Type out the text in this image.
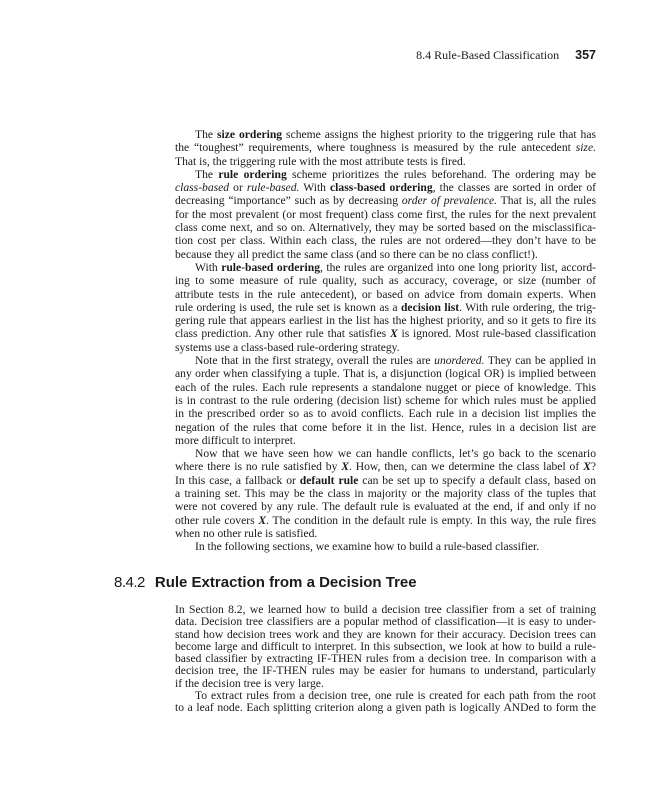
8.4 Rule-Based Classification 357
The size ordering scheme assigns the highest priority to the triggering rule that has
the “toughest” requirements, where toughness is measured by the rule antecedent size.
That is, the triggering rule with the most attribute tests is fired.
The rule ordering scheme prioritizes the rules beforehand. The ordering may be
class-based or rule-based. With class-based ordering, the classes are sorted in order of
decreasing “importance” such as by decreasing order of prevalence. That is, all the rules
for the most prevalent (or most frequent) class come first, the rules for the next prevalent
class come next, and so on. Alternatively, they may be sorted based on the misclassifica-
tion cost per class. Within each class, the rules are not ordered—they don’t have to be
because they all predict the same class (and so there can be no class conflict!).
With rule-based ordering, the rules are organized into one long priority list, accord-
ing to some measure of rule quality, such as accuracy, coverage, or size (number of
attribute tests in the rule antecedent), or based on advice from domain experts. When
rule ordering is used, the rule set is known as a decision list. With rule ordering, the trig-
gering rule that appears earliest in the list has the highest priority, and so it gets to fire its
class prediction. Any other rule that satisfies X is ignored. Most rule-based classification
systems use a class-based rule-ordering strategy.
Note that in the first strategy, overall the rules are unordered. They can be applied in
any order when classifying a tuple. That is, a disjunction (logical OR) is implied between
each of the rules. Each rule represents a standalone nugget or piece of knowledge. This
is in contrast to the rule ordering (decision list) scheme for which rules must be applied
in the prescribed order so as to avoid conflicts. Each rule in a decision list implies the
negation of the rules that come before it in the list. Hence, rules in a decision list are
more difficult to interpret.
Now that we have seen how we can handle conflicts, let’s go back to the scenario
where there is no rule satisfied by X. How, then, can we determine the class label of X?
In this case, a fallback or default rule can be set up to specify a default class, based on
a training set. This may be the class in majority or the majority class of the tuples that
were not covered by any rule. The default rule is evaluated at the end, if and only if no
other rule covers X. The condition in the default rule is empty. In this way, the rule fires
when no other rule is satisfied.
In the following sections, we examine how to build a rule-based classifier.
8.4.2 Rule Extraction from a Decision Tree
In Section 8.2, we learned how to build a decision tree classifier from a set of training
data. Decision tree classifiers are a popular method of classification—it is easy to under-
stand how decision trees work and they are known for their accuracy. Decision trees can
become large and difficult to interpret. In this subsection, we look at how to build a rule-
based classifier by extracting IF-THEN rules from a decision tree. In comparison with a
decision tree, the IF-THEN rules may be easier for humans to understand, particularly
if the decision tree is very large.
To extract rules from a decision tree, one rule is created for each path from the root
to a leaf node. Each splitting criterion along a given path is logically ANDed to form the
